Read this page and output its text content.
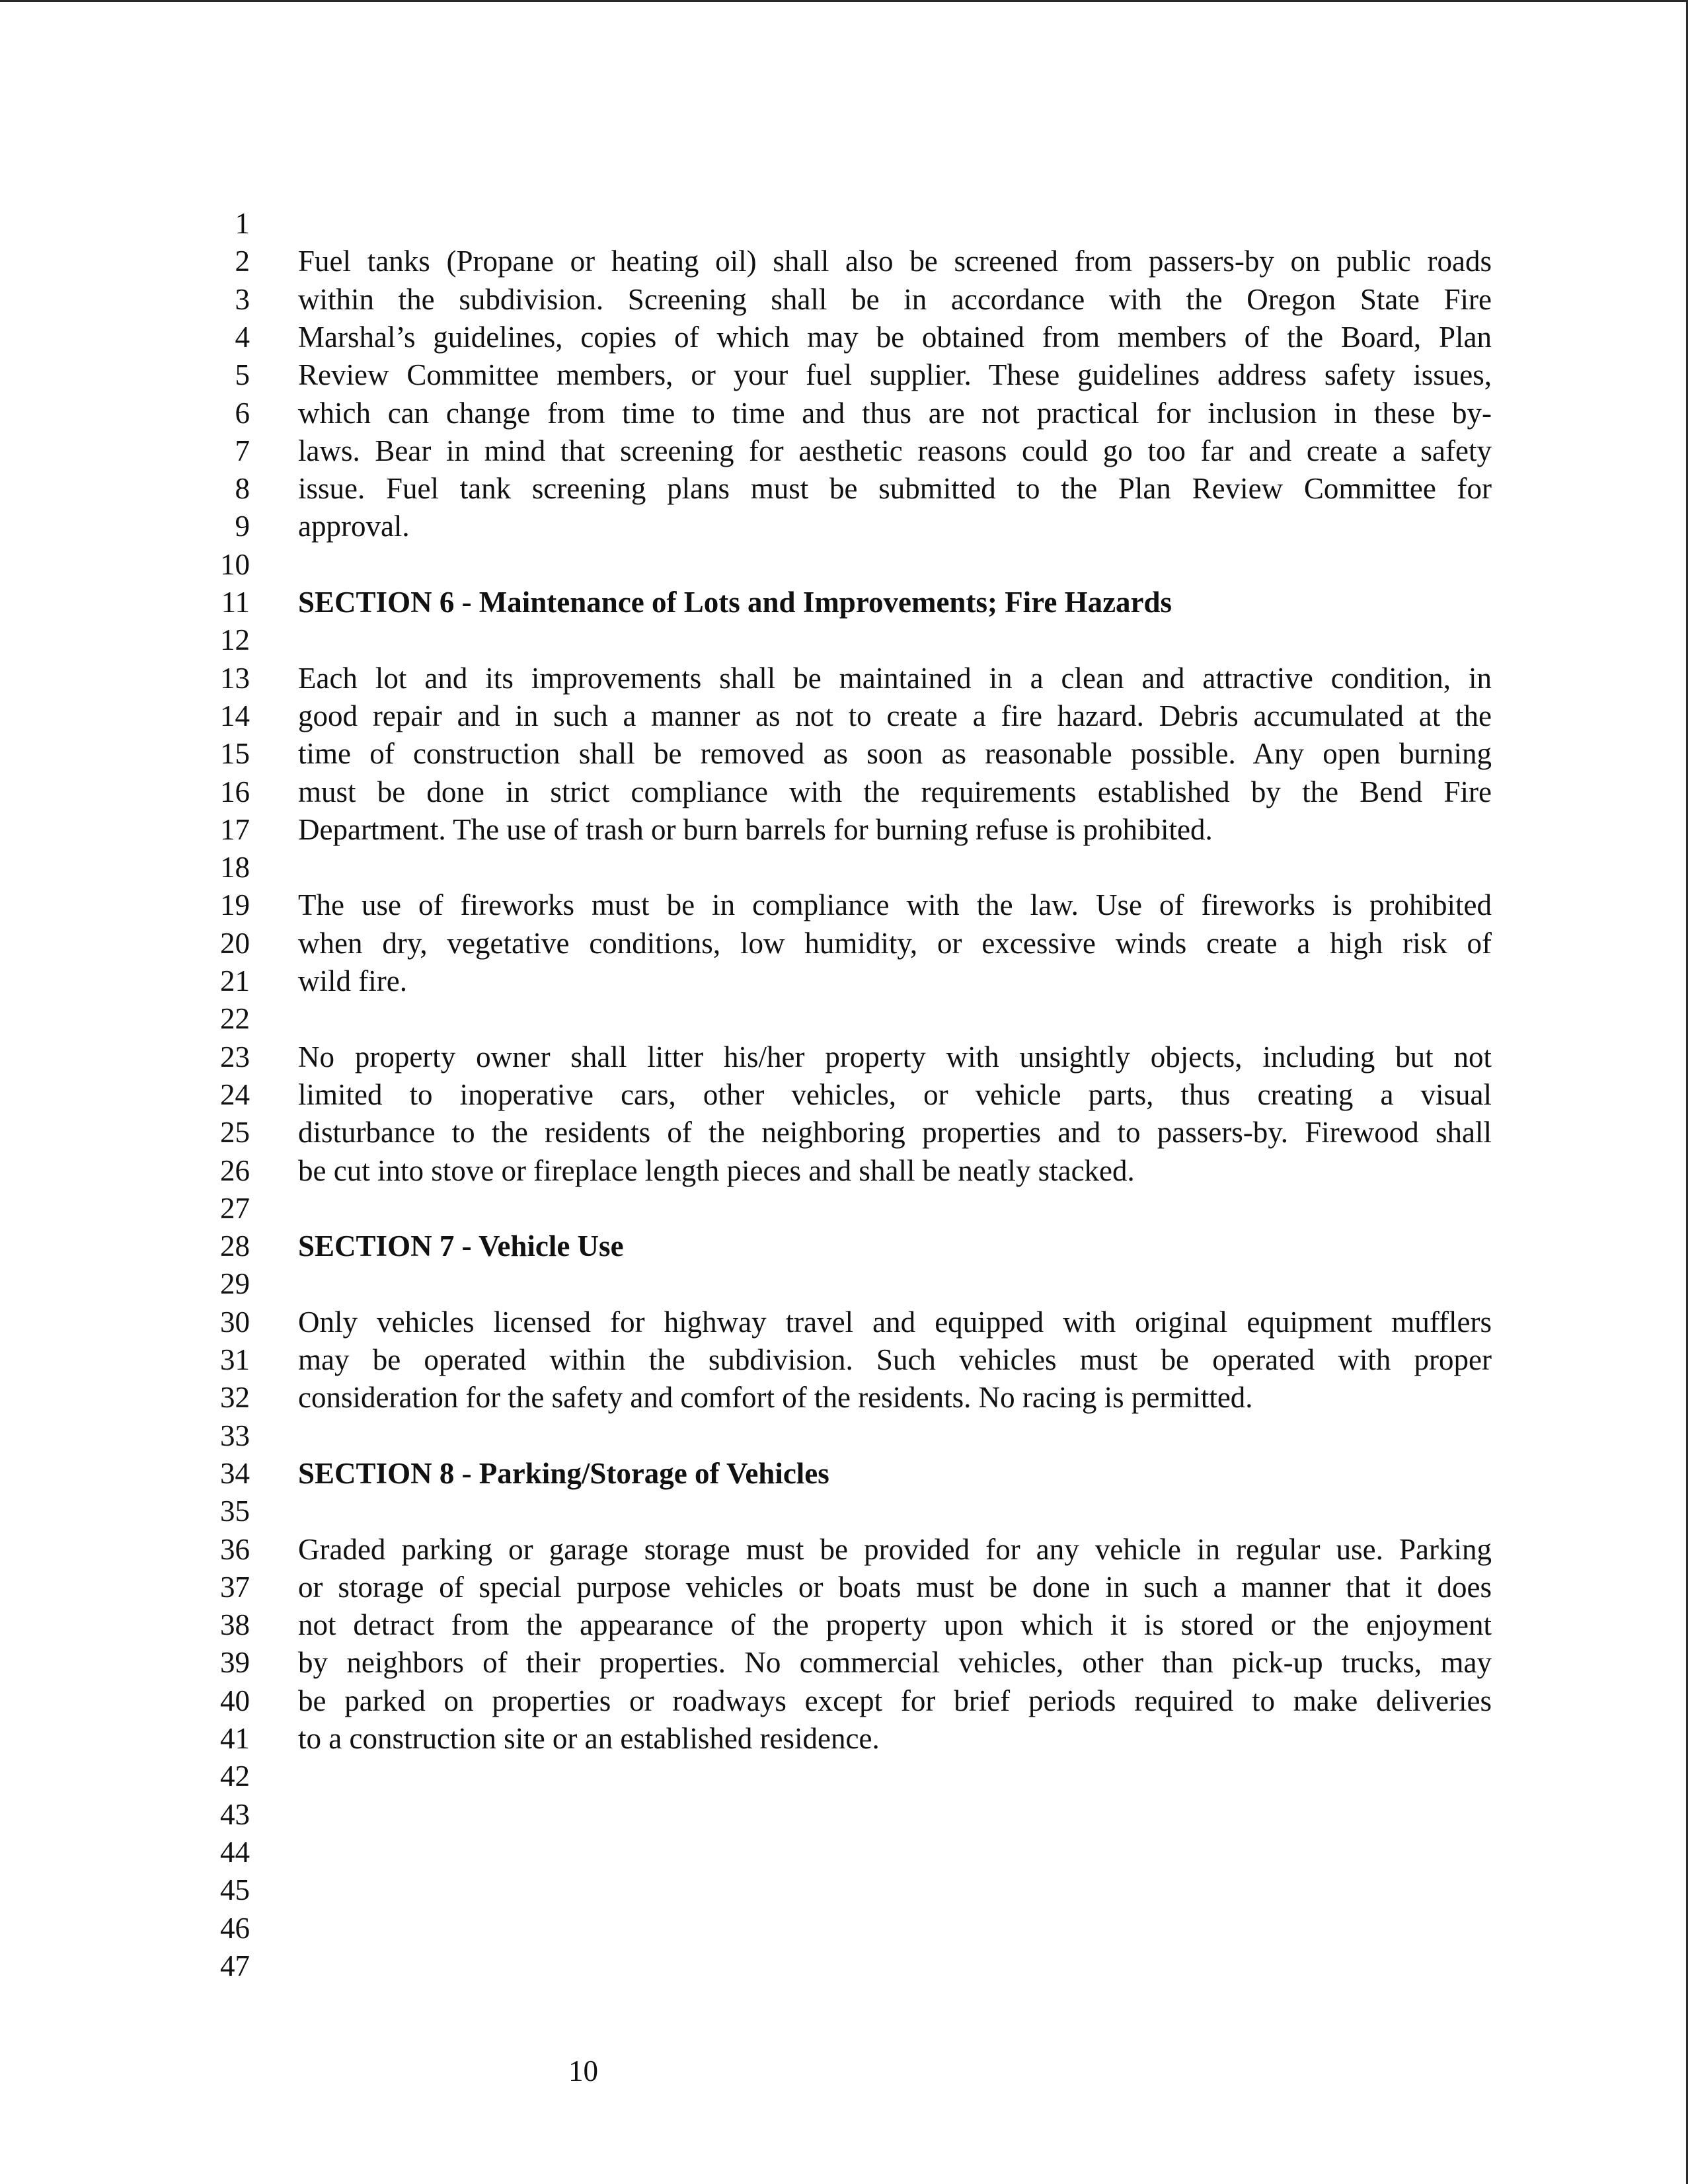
1
2 Fuel tanks (Propane or heating oil) shall also be screened from passers-by on public roads
3 within the subdivision. Screening shall be in accordance with the Oregon State Fire
4 Marshal’s guidelines, copies of which may be obtained from members of the Board, Plan
5 Review Committee members, or your fuel supplier. These guidelines address safety issues,
6 which can change from time to time and thus are not practical for inclusion in these by-
7 laws. Bear in mind that screening for aesthetic reasons could go too far and create a safety
8 issue. Fuel tank screening plans must be submitted to the Plan Review Committee for
9 approval.
10
11 SECTION 6 - Maintenance of Lots and Improvements; Fire Hazards
12
13 Each lot and its improvements shall be maintained in a clean and attractive condition, in
14 good repair and in such a manner as not to create a fire hazard. Debris accumulated at the
15 time of construction shall be removed as soon as reasonable possible. Any open burning
16 must be done in strict compliance with the requirements established by the Bend Fire
17 Department. The use of trash or burn barrels for burning refuse is prohibited.
18
19 The use of fireworks must be in compliance with the law. Use of fireworks is prohibited
20 when dry, vegetative conditions, low humidity, or excessive winds create a high risk of
21 wild fire.
22
23 No property owner shall litter his/her property with unsightly objects, including but not
24 limited to inoperative cars, other vehicles, or vehicle parts, thus creating a visual
25 disturbance to the residents of the neighboring properties and to passers-by. Firewood shall
26 be cut into stove or fireplace length pieces and shall be neatly stacked.
27
28 SECTION 7 - Vehicle Use
29
30 Only vehicles licensed for highway travel and equipped with original equipment mufflers
31 may be operated within the subdivision. Such vehicles must be operated with proper
32 consideration for the safety and comfort of the residents. No racing is permitted.
33
34 SECTION 8 - Parking/Storage of Vehicles
35
36 Graded parking or garage storage must be provided for any vehicle in regular use. Parking
37 or storage of special purpose vehicles or boats must be done in such a manner that it does
38 not detract from the appearance of the property upon which it is stored or the enjoyment
39 by neighbors of their properties. No commercial vehicles, other than pick-up trucks, may
40 be parked on properties or roadways except for brief periods required to make deliveries
41 to a construction site or an established residence.
42
43
44
45
46
47
10
